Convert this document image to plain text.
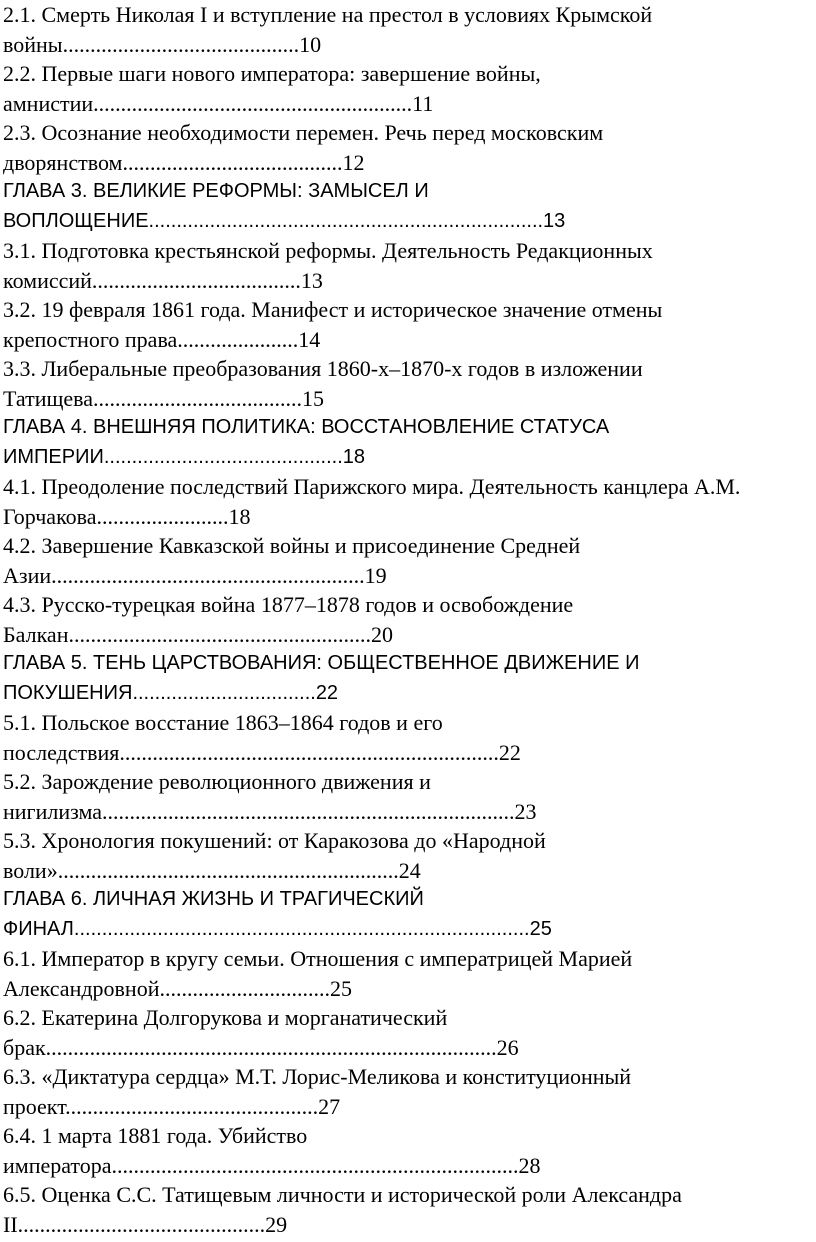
2.1. Смерть Николая I и вступление на престол в условиях Крымской
войны...........................................10
2.2. Первые шаги нового императора: завершение войны,
амнистии..........................................................11
2.3. Осознание необходимости перемен. Речь перед московским
дворянством........................................12
ГЛАВА 3. ВЕЛИКИЕ РЕФОРМЫ: ЗАМЫСЕЛ И
ВОПЛОЩЕНИЕ.......................................................................13
3.1. Подготовка крестьянской реформы. Деятельность Редакционных
комиссий......................................13
3.2. 19 февраля 1861 года. Манифест и историческое значение отмены
крепостного права......................14
3.3. Либеральные преобразования 1860-х–1870-х годов в изложении
Татищева......................................15
ГЛАВА 4. ВНЕШНЯЯ ПОЛИТИКА: ВОССТАНОВЛЕНИЕ СТАТУСА
ИМПЕРИИ...........................................18
4.1. Преодоление последствий Парижского мира. Деятельность канцлера А.М.
Горчакова........................18
4.2. Завершение Кавказской войны и присоединение Средней
Азии.........................................................19
4.3. Русско-турецкая война 1877–1878 годов и освобождение
Балкан.......................................................20
ГЛАВА 5. ТЕНЬ ЦАРСТВОВАНИЯ: ОБЩЕСТВЕННОЕ ДВИЖЕНИЕ И
ПОКУШЕНИЯ.................................22
5.1. Польское восстание 1863–1864 годов и его
последствия.....................................................................22
5.2. Зарождение революционного движения и
нигилизма...........................................................................23
5.3. Хронология покушений: от Каракозова до «Народной
воли»..............................................................24
ГЛАВА 6. ЛИЧНАЯ ЖИЗНЬ И ТРАГИЧЕСКИЙ
ФИНАЛ..................................................................................25
6.1. Император в кругу семьи. Отношения с императрицей Марией
Александровной...............................25
6.2. Екатерина Долгорукова и морганатический
брак..................................................................................26
6.3. «Диктатура сердца» М.Т. Лорис-Меликова и конституционный
проект..............................................27
6.4. 1 марта 1881 года. Убийство
императора..........................................................................28
6.5. Оценка С.С. Татищевым личности и исторической роли Александра
II.............................................29
